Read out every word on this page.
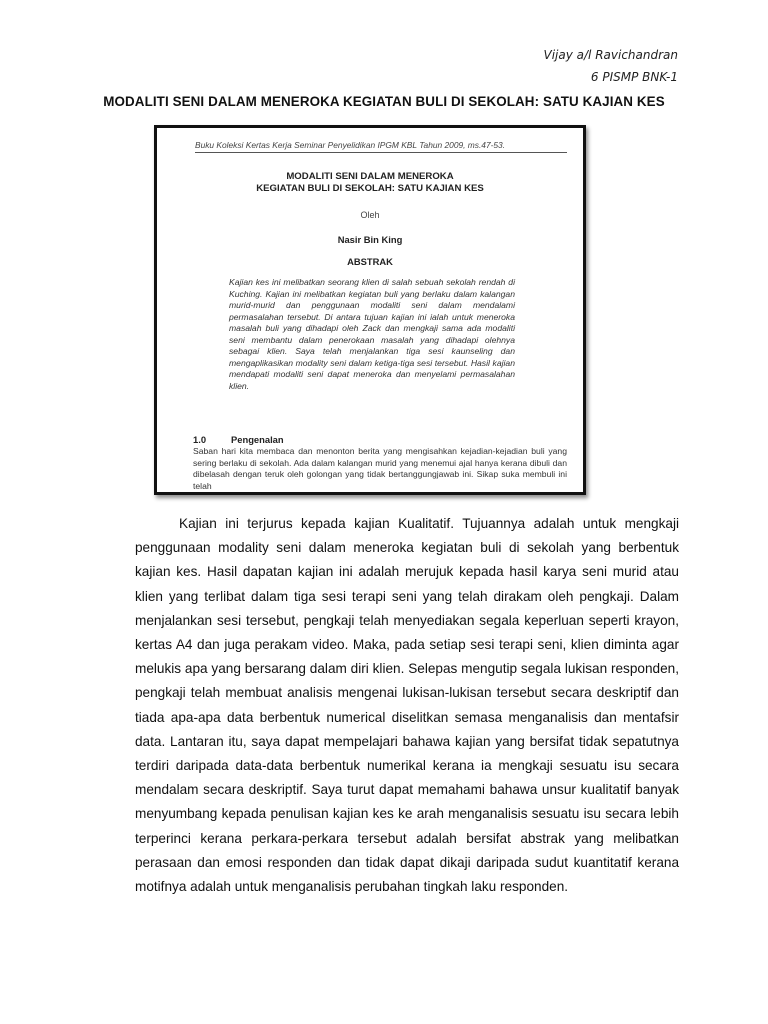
Vijay a/l Ravichandran
6 PISMP BNK-1
MODALITI SENI DALAM MENEROKA KEGIATAN BULI DI SEKOLAH: SATU KAJIAN KES
Buku Koleksi Kertas Kerja Seminar Penyelidikan IPGM KBL Tahun 2009, ms.47-53.
MODALITI SENI DALAM MENEROKA
KEGIATAN BULI DI SEKOLAH: SATU KAJIAN KES
Oleh
Nasir Bin King
ABSTRAK
Kajian kes ini melibatkan seorang klien di salah sebuah sekolah rendah di Kuching. Kajian ini melibatkan kegiatan buli yang berlaku dalam kalangan murid-murid dan penggunaan modaliti seni dalam mendalami permasalahan tersebut. Di antara tujuan kajian ini ialah untuk meneroka masalah buli yang dihadapi oleh Zack dan mengkaji sama ada modaliti seni membantu dalam penerokaan masalah yang dihadapi olehnya sebagai klien. Saya telah menjalankan tiga sesi kaunseling dan mengaplikasikan modality seni dalam ketiga-tiga sesi tersebut. Hasil kajian mendapati modaliti seni dapat meneroka dan menyelami permasalahan klien.
1.0	Pengenalan
Saban hari kita membaca dan menonton berita yang mengisahkan kejadian-kejadian buli yang sering berlaku di sekolah. Ada dalam kalangan murid yang menemui ajal hanya kerana dibuli dan dibelasah dengan teruk oleh golongan yang tidak bertanggungjawab ini. Sikap suka membuli ini telah

Kajian ini terjurus kepada kajian Kualitatif. Tujuannya adalah untuk mengkaji penggunaan modality seni dalam meneroka kegiatan buli di sekolah yang berbentuk kajian kes. Hasil dapatan kajian ini adalah merujuk kepada hasil karya seni murid atau klien yang terlibat dalam tiga sesi terapi seni yang telah dirakam oleh pengkaji. Dalam menjalankan sesi tersebut, pengkaji telah menyediakan segala keperluan seperti krayon, kertas A4 dan juga perakam video. Maka, pada setiap sesi terapi seni, klien diminta agar melukis apa yang bersarang dalam diri klien. Selepas mengutip segala lukisan responden, pengkaji telah membuat analisis mengenai lukisan-lukisan tersebut secara deskriptif dan tiada apa-apa data berbentuk numerical diselitkan semasa menganalisis dan mentafsir data. Lantaran itu, saya dapat mempelajari bahawa kajian yang bersifat tidak sepatutnya terdiri daripada data-data berbentuk numerikal kerana ia mengkaji sesuatu isu secara mendalam secara deskriptif. Saya turut dapat memahami bahawa unsur kualitatif banyak menyumbang kepada penulisan kajian kes ke arah menganalisis sesuatu isu secara lebih terperinci kerana perkara-perkara tersebut adalah bersifat abstrak yang melibatkan perasaan dan emosi responden dan tidak dapat dikaji daripada sudut kuantitatif kerana motifnya adalah untuk menganalisis perubahan tingkah laku responden.
